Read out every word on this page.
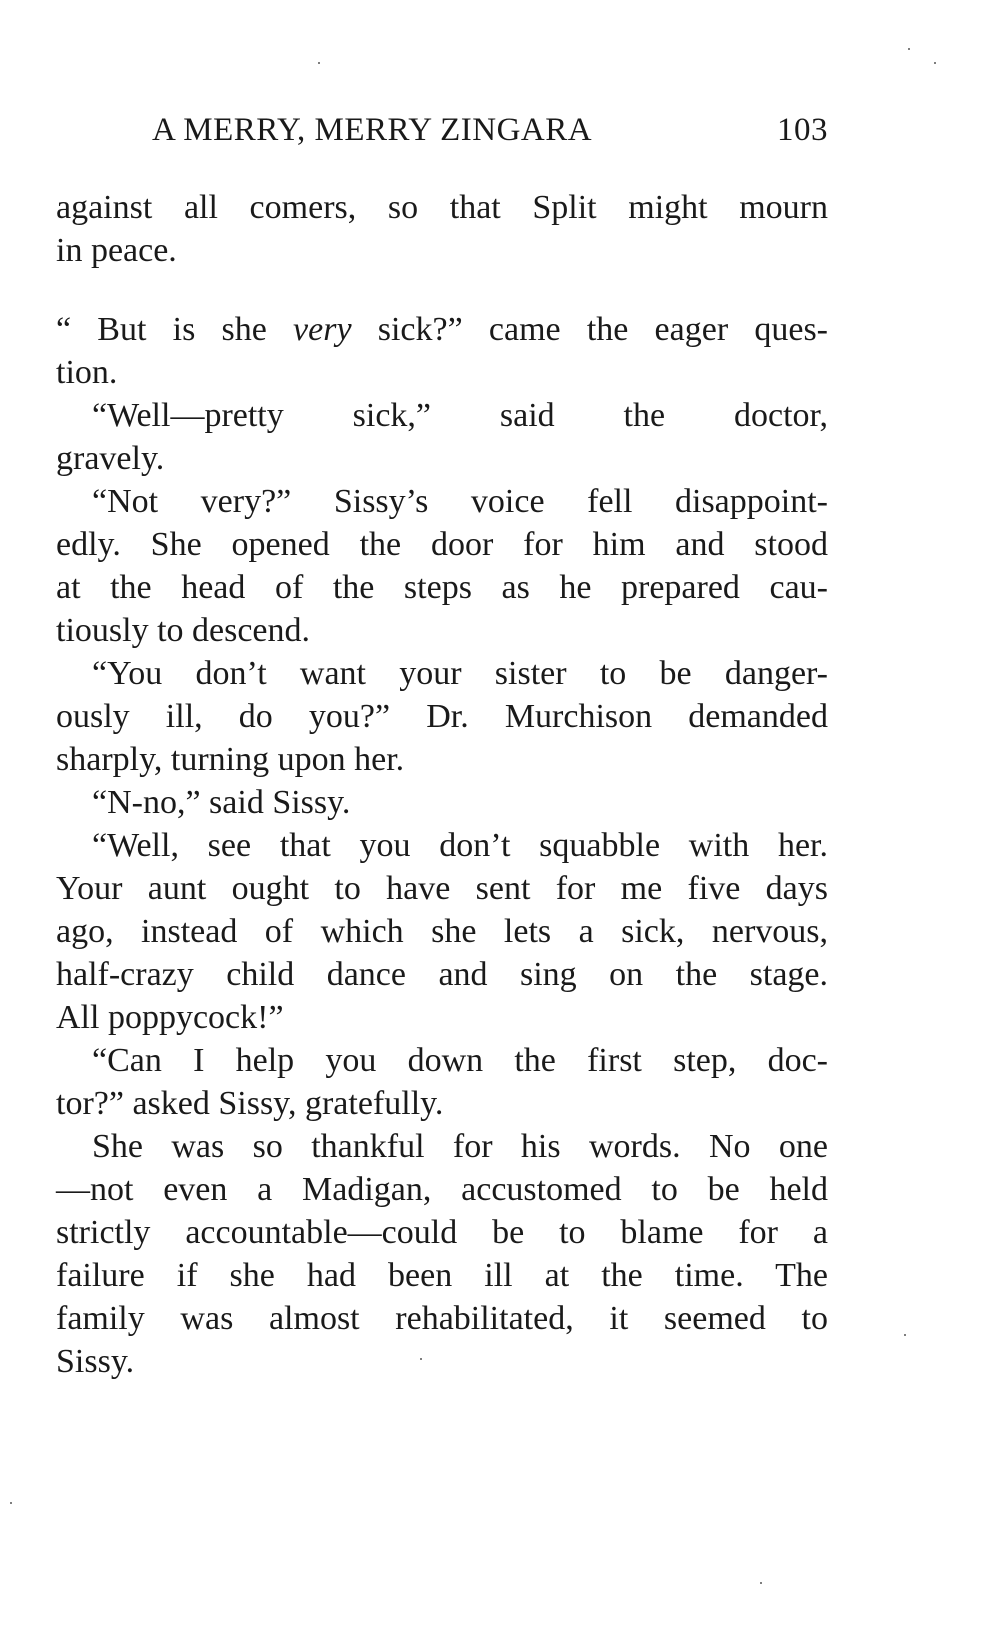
A MERRY, MERRY ZINGARA	103
against all comers, so that Split might mourn
in peace.
“ But is she very sick?” came the eager ques-
tion.
“Well—pretty sick,” said the doctor,
gravely.
“Not very?” Sissy’s voice fell disappoint-
edly. She opened the door for him and stood
at the head of the steps as he prepared cau-
tiously to descend.
“You don’t want your sister to be danger-
ously ill, do you?” Dr. Murchison demanded
sharply, turning upon her.
“N-no,” said Sissy.
“Well, see that you don’t squabble with her.
Your aunt ought to have sent for me five days
ago, instead of which she lets a sick, nervous,
half-crazy child dance and sing on the stage.
All poppycock!”
“Can I help you down the first step, doc-
tor?” asked Sissy, gratefully.
She was so thankful for his words. No one
—not even a Madigan, accustomed to be held
strictly accountable—could be to blame for a
failure if she had been ill at the time. The
family was almost rehabilitated, it seemed to
Sissy.
